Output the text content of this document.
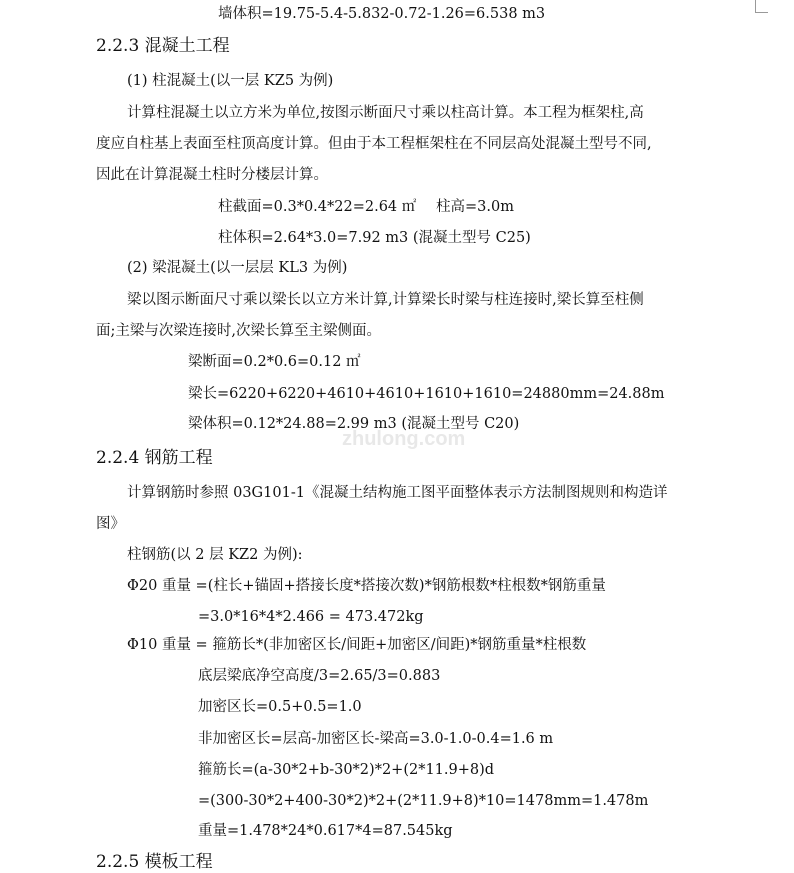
墙体积=19.75-5.4-5.832-0.72-1.26=6.538 m3
2.2.3 混凝土工程
(1) 柱混凝土(以一层 KZ5 为例)
计算柱混凝土以立方米为单位,按图示断面尺寸乘以柱高计算。本工程为框架柱,高
度应自柱基上表面至柱顶高度计算。但由于本工程框架柱在不同层高处混凝土型号不同,
因此在计算混凝土柱时分楼层计算。
柱截面=0.3*0.4*22=2.64 ㎡ 柱高=3.0m
柱体积=2.64*3.0=7.92 m3 (混凝土型号 C25)
(2) 梁混凝土(以一层层 KL3 为例)
梁以图示断面尺寸乘以梁长以立方米计算,计算梁长时梁与柱连接时,梁长算至柱侧
面;主梁与次梁连接时,次梁长算至主梁侧面。
梁断面=0.2*0.6=0.12 ㎡
梁长=6220+6220+4610+4610+1610+1610=24880mm=24.88m
梁体积=0.12*24.88=2.99 m3 (混凝土型号 C20)
2.2.4 钢筋工程
计算钢筋时参照 03G101-1《混凝土结构施工图平面整体表示方法制图规则和构造详
图》
柱钢筋(以 2 层 KZ2 为例):
Φ20 重量 =(柱长+锚固+搭接长度*搭接次数)*钢筋根数*柱根数*钢筋重量
=3.0*16*4*2.466 = 473.472kg
Φ10 重量 = 箍筋长*(非加密区长/间距+加密区/间距)*钢筋重量*柱根数
底层梁底净空高度/3=2.65/3=0.883
加密区长=0.5+0.5=1.0
非加密区长=层高-加密区长-梁高=3.0-1.0-0.4=1.6 m
箍筋长=(a-30*2+b-30*2)*2+(2*11.9+8)d
=(300-30*2+400-30*2)*2+(2*11.9+8)*10=1478mm=1.478m
重量=1.478*24*0.617*4=87.545kg
2.2.5 模板工程
zhulong.com
